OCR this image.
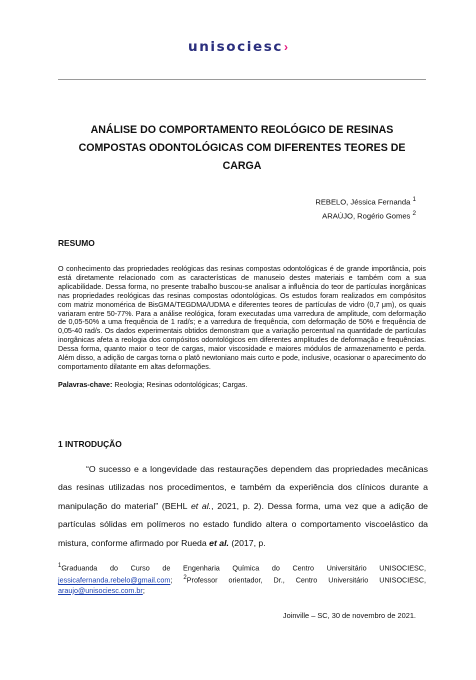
unisociesc›
ANÁLISE DO COMPORTAMENTO REOLÓGICO DE RESINAS
COMPOSTAS ODONTOLÓGICAS COM DIFERENTES TEORES DE
CARGA
REBELO, Jéssica Fernanda $^1$
ARAÚJO, Rogério Gomes $^2$
RESUMO
O conhecimento das propriedades reológicas das resinas compostas odontológicas é de grande importância, pois está diretamente relacionado com as características de manuseio destes materiais e também com a sua aplicabilidade. Dessa forma, no presente trabalho buscou-se analisar a influência do teor de partículas inorgânicas nas propriedades reológicas das resinas compostas odontológicas. Os estudos foram realizados em compósitos com matriz monomérica de BisGMA/TEGDMA/UDMA e diferentes teores de partículas de vidro (0,7 μm), os quais variaram entre 50-77%. Para a análise reológica, foram executadas uma varredura de amplitude, com deformação de 0,05-50% a uma frequência de 1 rad/s; e a varredura de frequência, com deformação de 50% e frequência de 0,05-40 rad/s. Os dados experimentais obtidos demonstram que a variação percentual na quantidade de partículas inorgânicas afeta a reologia dos compósitos odontológicos em diferentes amplitudes de deformação e frequências. Dessa forma, quanto maior o teor de cargas, maior viscosidade e maiores módulos de armazenamento e perda. Além disso, a adição de cargas torna o platô newtoniano mais curto e pode, inclusive, ocasionar o aparecimento do comportamento dilatante em altas deformações.
Palavras-chave: Reologia; Resinas odontológicas; Cargas.
1 INTRODUÇÃO
“O sucesso e a longevidade das restaurações dependem das propriedades mecânicas das resinas utilizadas nos procedimentos, e também da experiência dos clínicos durante a manipulação do material” (BEHL et al., 2021, p. 2). Dessa forma, uma vez que a adição de partículas sólidas em polímeros no estado fundido altera o comportamento viscoelástico da mistura, conforme afirmado por Rueda et al. (2017, p.
$^1$Graduanda do Curso de Engenharia Química do Centro Universitário UNISOCIESC, jessicafernanda.rebelo@gmail.com; $^2$Professor orientador, Dr., Centro Universitário UNISOCIESC, araujo@unisociesc.com.br;
Joinville – SC, 30 de novembro de 2021.
